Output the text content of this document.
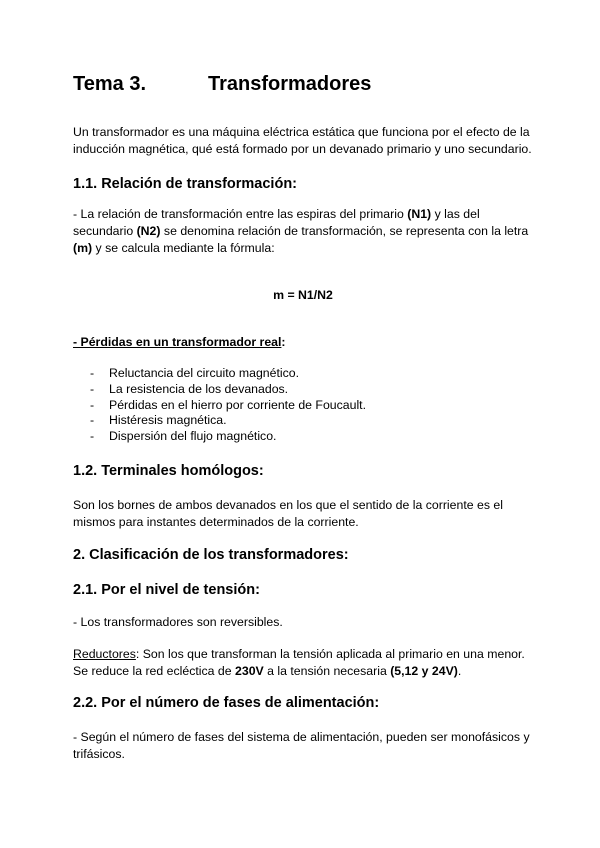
Tema 3.	Transformadores

Un transformador es una máquina eléctrica estática que funciona por el efecto de la inducción magnética, qué está formado por un devanado primario y uno secundario.

1.1. Relación de transformación:

- La relación de transformación entre las espiras del primario (N1) y las del secundario (N2) se denomina relación de transformación, se representa con la letra (m) y se calcula mediante la fórmula:

m = N1/N2

- Pérdidas en un transformador real:

- Reluctancia del circuito magnético.
- La resistencia de los devanados.
- Pérdidas en el hierro por corriente de Foucault.
- Histéresis magnética.
- Dispersión del flujo magnético.
1.2. Terminales homólogos:

Son los bornes de ambos devanados en los que el sentido de la corriente es el mismos para instantes determinados de la corriente.

2. Clasificación de los transformadores:
2.1. Por el nivel de tensión:

- Los transformadores son reversibles.

Reductores: Son los que transforman la tensión aplicada al primario en una menor. Se reduce la red ecléctica de 230V a la tensión necesaria (5,12 y 24V).

2.2. Por el número de fases de alimentación:

- Según el número de fases del sistema de alimentación, pueden ser monofásicos y trifásicos.
